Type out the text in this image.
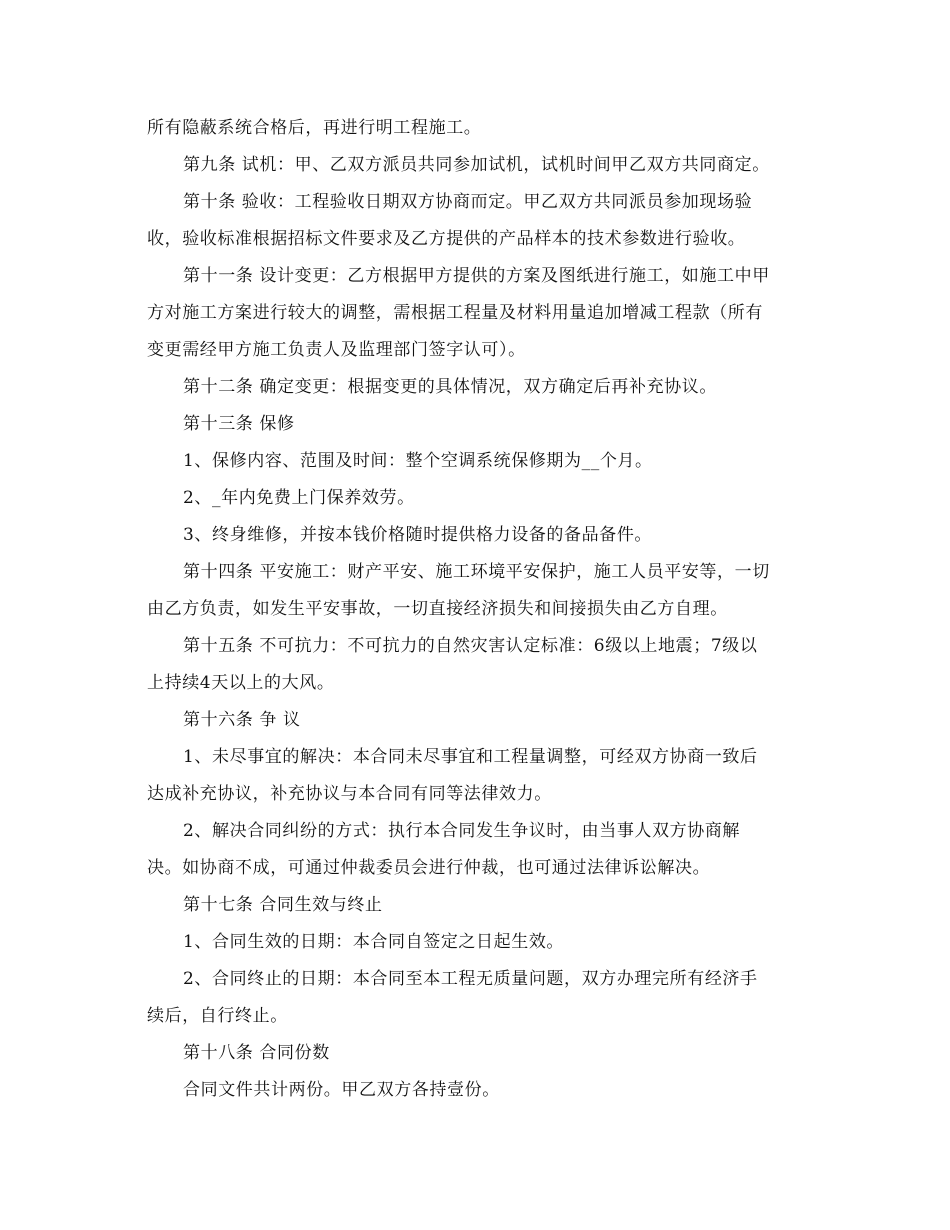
所有隐蔽系统合格后，再进行明工程施工。
第九条 试机：甲、乙双方派员共同参加试机，试机时间甲乙双方共同商定。
第十条 验收：工程验收日期双方协商而定。甲乙双方共同派员参加现场验
收，验收标准根据招标文件要求及乙方提供的产品样本的技术参数进行验收。
第十一条 设计变更：乙方根据甲方提供的方案及图纸进行施工，如施工中甲
方对施工方案进行较大的调整，需根据工程量及材料用量追加增减工程款（所有
变更需经甲方施工负责人及监理部门签字认可）。
第十二条 确定变更：根据变更的具体情况，双方确定后再补充协议。
第十三条 保修
1、保修内容、范围及时间：整个空调系统保修期为__个月。
2、_年内免费上门保养效劳。
3、终身维修，并按本钱价格随时提供格力设备的备品备件。
第十四条 平安施工：财产平安、施工环境平安保护，施工人员平安等，一切
由乙方负责，如发生平安事故，一切直接经济损失和间接损失由乙方自理。
第十五条 不可抗力：不可抗力的自然灾害认定标准：6级以上地震；7级以
上持续4天以上的大风。
第十六条 争 议
1、未尽事宜的解决：本合同未尽事宜和工程量调整，可经双方协商一致后
达成补充协议，补充协议与本合同有同等法律效力。
2、解决合同纠纷的方式：执行本合同发生争议时，由当事人双方协商解
决。如协商不成，可通过仲裁委员会进行仲裁，也可通过法律诉讼解决。
第十七条 合同生效与终止
1、合同生效的日期：本合同自签定之日起生效。
2、合同终止的日期：本合同至本工程无质量问题，双方办理完所有经济手
续后，自行终止。
第十八条 合同份数
合同文件共计两份。甲乙双方各持壹份。
